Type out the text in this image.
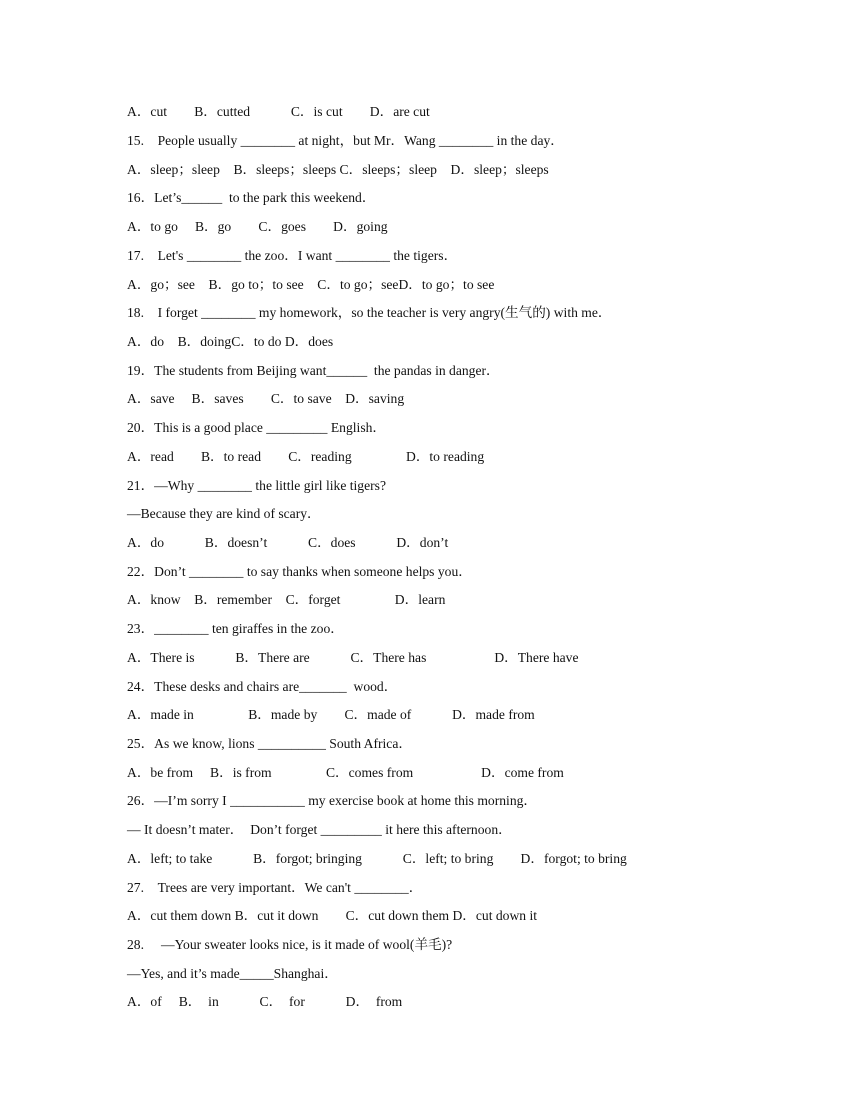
A．cut　　B．cutted　　　C．is cut　　D．are cut
15.　People usually ________ at night，but Mr．Wang ________ in the day．
A．sleep；sleep　B．sleeps；sleeps C．sleeps；sleep　D．sleep；sleeps
16．Let’s______  to the park this weekend．
A．to go　 B．go　　C．goes　　D．going
17.　Let's ________ the zoo．I want ________ the tigers．
A．go；see　B．go to；to see　C．to go；seeD．to go；to see
18.　I forget ________ my homework，so the teacher is very angry(生气的) with me．
A．do　B．doingC．to do D．does
19．The students from Beijing want______  the pandas in danger．
A．save　 B．saves　　C．to save　D．saving
20．This is a good place _________ English．
A．read　　B．to read　　C．reading　　　　D．to reading
21．—Why ________ the little girl like tigers?
—Because they are kind of scary．
A．do　　　B．doesn’t　　　C．does　　　D．don’t
22．Don’t ________ to say thanks when someone helps you．
A．know　B．remember　C．forget　　　　D．learn
23．________ ten giraffes in the zoo．
A．There is　　　B．There are　　　C．There has　　　　　D．There have
24．These desks and chairs are_______  wood．
A．made in　　　　B．made by　　C．made of　　　D．made from
25．As we know, lions __________ South Africa．
A．be from　 B．is from　　　　C．comes from　　　　　D．come from
26．—I’m sorry I ___________ my exercise book at home this morning．
— It doesn’t mater．  Don’t forget _________ it here this afternoon．
A．left; to take　　　B．forgot; bringing　　　C．left; to bring　　D．forgot; to bring
27.　Trees are very important．We can't ________．
A．cut them down B．cut it down　　C．cut down them D．cut down it
28.　 —Your sweater looks nice, is it made of wool(羊毛)?
—Yes, and it’s made_____Shanghai．
A．of　 B．  in　　　C．  for　　　D．  from
